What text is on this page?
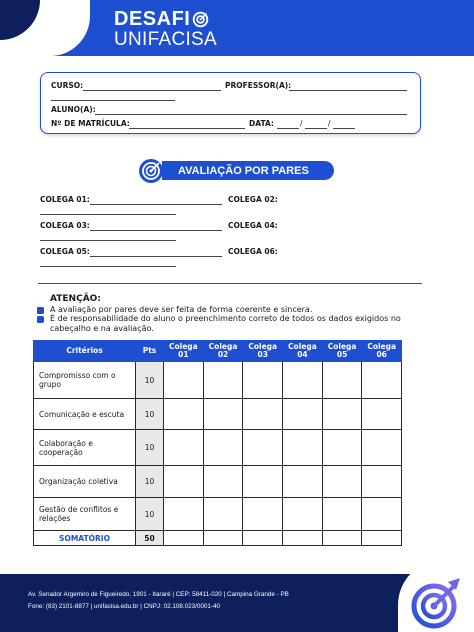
DESAFI
UNIFACISA
CURSO:	PROFESSOR(A):
ALUNO(A):
Nº DE MATRÍCULA:	DATA:	/	/
AVALIAÇÃO POR PARES
COLEGA 01:	COLEGA 02:
COLEGA 03:	COLEGA 04:
COLEGA 05:	COLEGA 06:
ATENÇÃO:
A avaliação por pares deve ser feita de forma coerente e sincera.
É de responsabilidade do aluno o preenchimento correto de todos os dados exigidos no cabeçalho e na avaliação.
Critérios	Pts	Colega 01	Colega 02	Colega 03	Colega 04	Colega 05	Colega 06
Compromisso com o grupo	10						
Comunicação e escuta	10						
Colaboração e cooperação	10						
Organização coletiva	10						
Gestão de conflitos e relações	10						
SOMATÓRIO	50						
Av. Senador Argemiro de Figueiredo, 1901 - Itararé | CEP: 58411-020 | Campina Grande - PB
Fone: (83) 2101-8877 | unifacisa.edu.br | CNPJ: 02.108.023/0001-40
